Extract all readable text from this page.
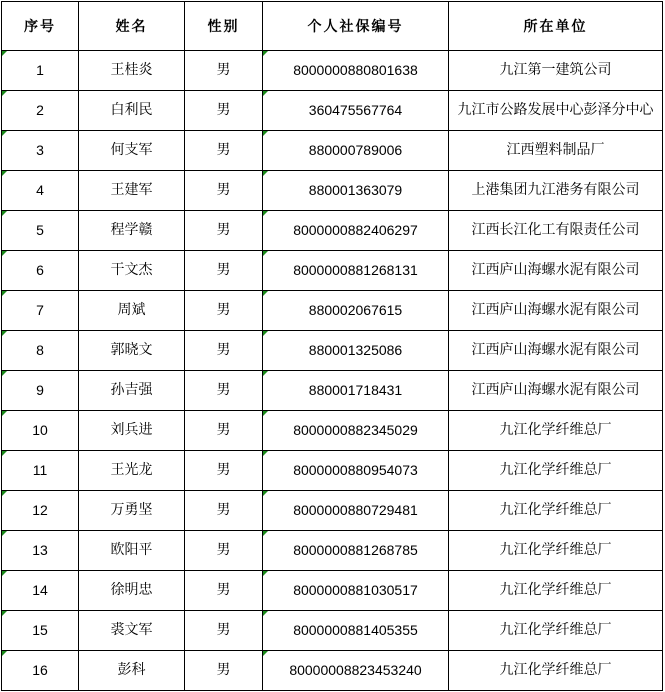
序号	姓名	性别	个人社保编号	所在单位

1	王桂炎	男	8000000880801638	九江第一建筑公司

2	白利民	男	360475567764	九江市公路发展中心彭泽分中心

3	何支军	男	880000789006	江西塑料制品厂

4	王建军	男	880001363079	上港集团九江港务有限公司

5	程学赣	男	8000000882406297	江西长江化工有限责任公司

6	干文杰	男	8000000881268131	江西庐山海螺水泥有限公司

7	周斌	男	880002067615	江西庐山海螺水泥有限公司

8	郭晓文	男	880001325086	江西庐山海螺水泥有限公司

9	孙吉强	男	880001718431	江西庐山海螺水泥有限公司

10	刘兵进	男	8000000882345029	九江化学纤维总厂

11	王光龙	男	8000000880954073	九江化学纤维总厂

12	万勇坚	男	8000000880729481	九江化学纤维总厂

13	欧阳平	男	8000000881268785	九江化学纤维总厂

14	徐明忠	男	8000000881030517	九江化学纤维总厂

15	裘文军	男	8000000881405355	九江化学纤维总厂

16	彭科	男	80000008823453240	九江化学纤维总厂
